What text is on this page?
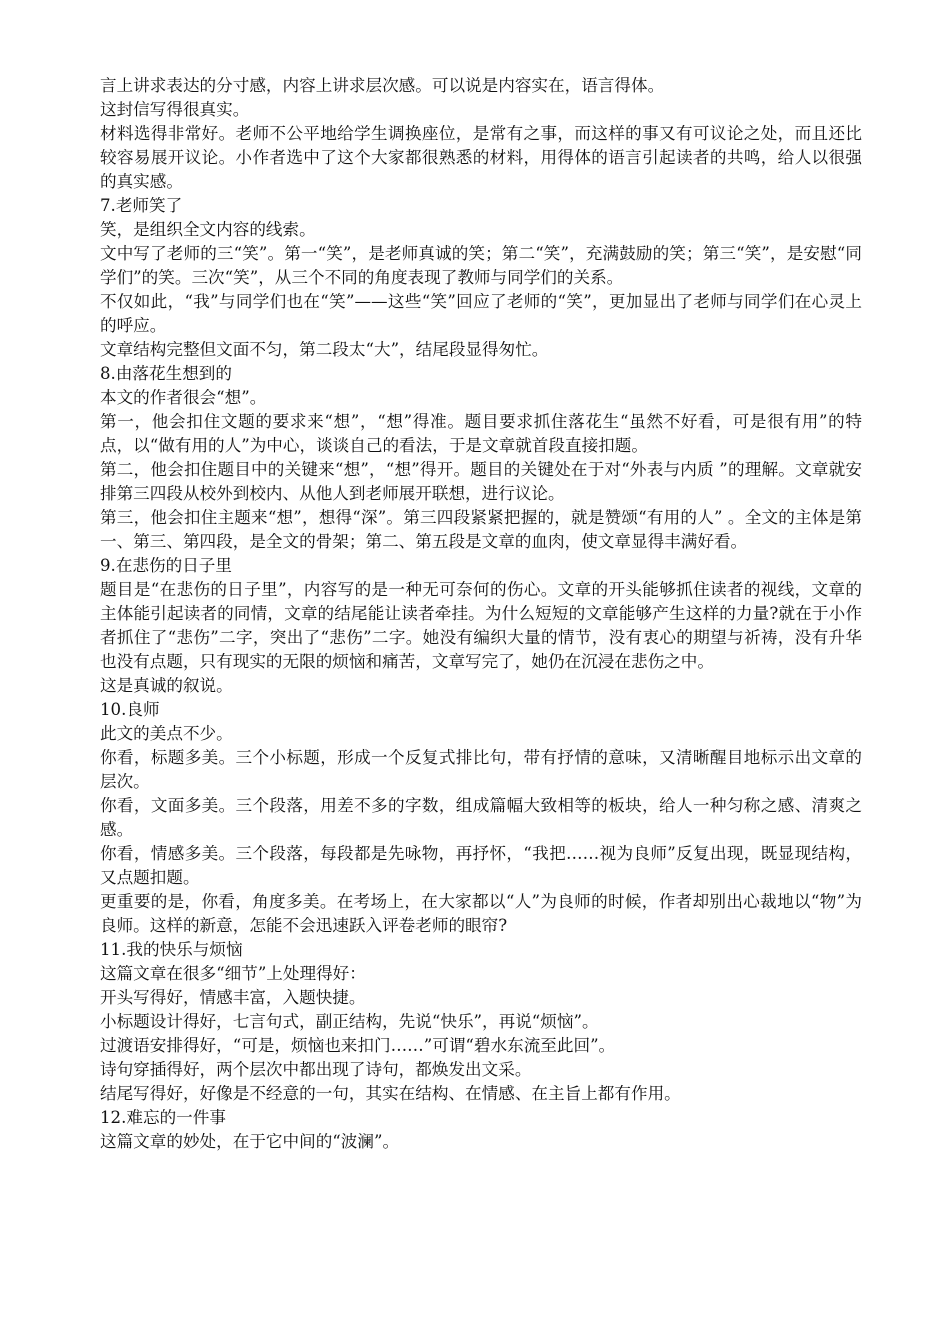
言上讲求表达的分寸感，内容上讲求层次感。可以说是内容实在，语言得体。

这封信写得很真实。

材料选得非常好。老师不公平地给学生调换座位，是常有之事，而这样的事又有可议论之处，而且还比较容易展开议论。小作者选中了这个大家都很熟悉的材料，用得体的语言引起读者的共鸣，给人以很强的真实感。

7.老师笑了

笑，是组织全文内容的线索。

文中写了老师的三“笑”。第一“笑”，是老师真诚的笑；第二“笑”，充满鼓励的笑；第三“笑”，是安慰“同学们”的笑。三次“笑”，从三个不同的角度表现了教师与同学们的关系。

不仅如此，“我”与同学们也在“笑”——这些“笑”回应了老师的“笑”，更加显出了老师与同学们在心灵上的呼应。

文章结构完整但文面不匀，第二段太“大”，结尾段显得匆忙。

8.由落花生想到的

本文的作者很会“想”。

第一，他会扣住文题的要求来“想”，“想”得准。题目要求抓住落花生“虽然不好看，可是很有用”的特点，以“做有用的人”为中心，谈谈自己的看法，于是文章就首段直接扣题。

第二，他会扣住题目中的关键来“想”，“想”得开。题目的关键处在于对“外表与内质 ”的理解。文章就安排第三四段从校外到校内、从他人到老师展开联想，进行议论。

第三，他会扣住主题来“想”，想得“深”。第三四段紧紧把握的，就是赞颂“有用的人” 。全文的主体是第一、第三、第四段，是全文的骨架；第二、第五段是文章的血肉，使文章显得丰满好看。

9.在悲伤的日子里

题目是“在悲伤的日子里”，内容写的是一种无可奈何的伤心。文章的开头能够抓住读者的视线，文章的主体能引起读者的同情，文章的结尾能让读者牵挂。为什么短短的文章能够产生这样的力量?就在于小作者抓住了“悲伤”二字，突出了“悲伤”二字。她没有编织大量的情节，没有衷心的期望与祈祷，没有升华也没有点题，只有现实的无限的烦恼和痛苦，文章写完了，她仍在沉浸在悲伤之中。

这是真诚的叙说。

10.良师

此文的美点不少。

你看，标题多美。三个小标题，形成一个反复式排比句，带有抒情的意味，又清晰醒目地标示出文章的层次。

你看，文面多美。三个段落，用差不多的字数，组成篇幅大致相等的板块，给人一种匀称之感、清爽之感。

你看，情感多美。三个段落，每段都是先咏物，再抒怀，“我把……视为良师”反复出现，既显现结构，又点题扣题。

更重要的是，你看，角度多美。在考场上，在大家都以“人”为良师的时候，作者却别出心裁地以“物”为良师。这样的新意，怎能不会迅速跃入评卷老师的眼帘?

11.我的快乐与烦恼

这篇文章在很多“细节”上处理得好：

开头写得好，情感丰富，入题快捷。

小标题设计得好，七言句式，副正结构，先说“快乐”，再说“烦恼”。

过渡语安排得好，“可是，烦恼也来扣门……”可谓“碧水东流至此回”。

诗句穿插得好，两个层次中都出现了诗句，都焕发出文采。

结尾写得好，好像是不经意的一句，其实在结构、在情感、在主旨上都有作用。

12.难忘的一件事

这篇文章的妙处，在于它中间的“波澜”。
